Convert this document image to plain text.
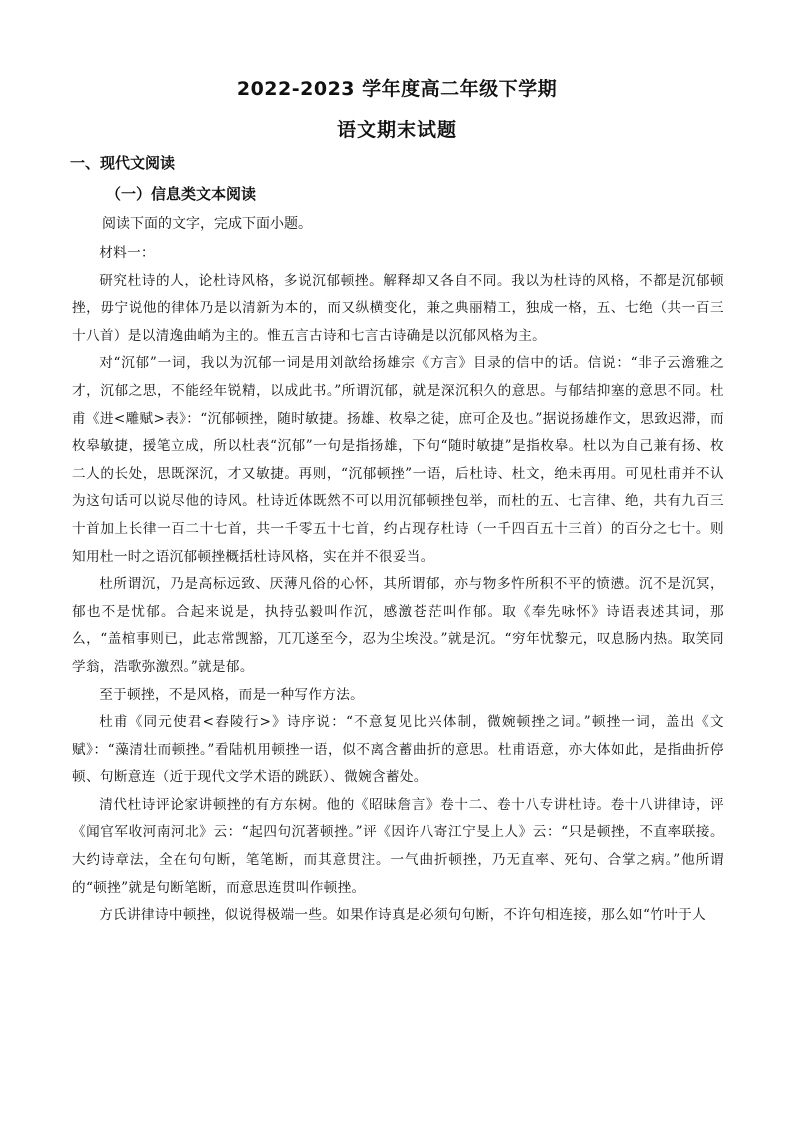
2022-2023 学年度高二年级下学期
语文期末试题
一、现代文阅读
（一）信息类文本阅读
阅读下面的文字，完成下面小题。

材料一：

研究杜诗的人，论杜诗风格，多说沉郁顿挫。解释却又各自不同。我以为杜诗的风格，不都是沉郁顿挫，毋宁说他的律体乃是以清新为本的，而又纵横变化，兼之典丽精工，独成一格，五、七绝（共一百三十八首）是以清逸曲峭为主的。惟五言古诗和七言古诗确是以沉郁风格为主。

对“沉郁”一词，我以为沉郁一词是用刘歆给扬雄宗《方言》目录的信中的话。信说：“非子云澹雅之才，沉郁之思，不能经年锐精，以成此书。”所谓沉郁，就是深沉积久的意思。与郁结抑塞的意思不同。杜甫《进<雕赋>表》：“沉郁顿挫，随时敏捷。扬雄、枚皋之徒，庶可企及也。”据说扬雄作文，思致迟滞，而枚皋敏捷，援笔立成，所以杜表“沉郁”一句是指扬雄，下句“随时敏捷”是指枚皋。杜以为自己兼有扬、枚二人的长处，思既深沉，才又敏捷。再则，“沉郁顿挫”一语，后杜诗、杜文，绝未再用。可见杜甫并不认为这句话可以说尽他的诗风。杜诗近体既然不可以用沉郁顿挫包举，而杜的五、七言律、绝，共有九百三十首加上长律一百二十七首，共一千零五十七首，约占现存杜诗（一千四百五十三首）的百分之七十。则知用杜一时之语沉郁顿挫概括杜诗风格，实在并不很妥当。

杜所谓沉，乃是高标远致、厌薄凡俗的心怀，其所谓郁，亦与物多忤所积不平的愤懑。沉不是沉冥，郁也不是忧郁。合起来说是，执持弘毅叫作沉，感激苍茫叫作郁。取《奉先咏怀》诗语表述其词，那么，“盖棺事则已，此志常觊豁，兀兀遂至今，忍为尘埃没。”就是沉。“穷年忧黎元，叹息肠内热。取笑同学翁，浩歌弥激烈。”就是郁。

至于顿挫，不是风格，而是一种写作方法。

杜甫《同元使君<舂陵行>》诗序说：“不意复见比兴体制，微婉顿挫之词。”顿挫一词，盖出《文赋》：“藻清壮而顿挫。”看陆机用顿挫一语，似不离含蓄曲折的意思。杜甫语意，亦大体如此，是指曲折停顿、句断意连（近于现代文学术语的跳跃）、微婉含蓄处。

清代杜诗评论家讲顿挫的有方东树。他的《昭昧詹言》卷十二、卷十八专讲杜诗。卷十八讲律诗，评《闻官军收河南河北》云：“起四句沉著顿挫。”评《因许八寄江宁旻上人》云：“只是顿挫，不直率联接。大约诗章法，全在句句断，笔笔断，而其意贯注。一气曲折顿挫，乃无直率、死句、合掌之病。”他所谓的“顿挫”就是句断笔断，而意思连贯叫作顿挫。

方氏讲律诗中顿挫，似说得极端一些。如果作诗真是必须句句断，不许句相连接，那么如“竹叶于人
